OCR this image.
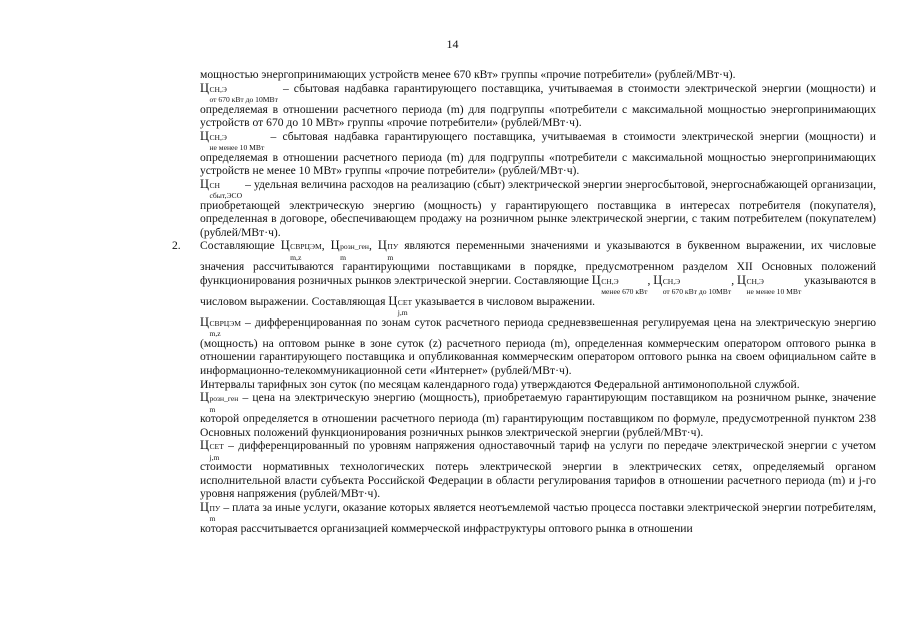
14

мощностью энергопринимающих устройств менее 670 кВт» группы «прочие потребители» (рублей/МВт·ч).

Ц СН,Э
от 670 кВт до 10МВт
– сбытовая надбавка гарантирующего поставщика, учитываемая в стоимости электрической энергии (мощности) и определяемая в отношении расчетного периода (m) для подгруппы «потребители с максимальной мощностью энергопринимающих устройств от 670 до 10 МВт» группы «прочие потребители» (рублей/МВт·ч).

Ц СН,Э
не менее 10 МВт
– сбытовая надбавка гарантирующего поставщика, учитываемая в стоимости электрической энергии (мощности) и определяемая в отношении расчетного периода (m) для подгруппы «потребители с максимальной мощностью энергопринимающих устройств не менее 10 МВт» группы «прочие потребители» (рублей/МВт·ч).

Ц СН
сбыт,ЭСО
– удельная величина расходов на реализацию (сбыт) электрической энергии энергосбытовой, энергоснабжающей организации, приобретающей электрическую энергию (мощность) у гарантирующего поставщика в интересах потребителя (покупателя), определенная в договоре, обеспечивающем продажу на розничном рынке электрической энергии, с таким потребителем (покупателем) (рублей/МВт·ч).

2. Составляющие Ц СВРЦЭМ
m,z
, Ц розн_ген
m
, Ц ПУ
m
являются переменными значениями и указываются в буквенном выражении, их числовые значения рассчитываются гарантирующими поставщиками в порядке, предусмотренном разделом XII Основных положений функционирования розничных рынков электрической энергии. Составляющие Ц СН,Э
менее 670 кВт
, Ц СН,Э
от 670 кВт до 10МВт
, Ц СН,Э
не менее 10 МВт
указываются в числовом выражении. Составляющая Ц СЕТ
j,m
указывается в числовом выражении.

Ц СВРЦЭМ
m,z
– дифференцированная по зонам суток расчетного периода средневзвешенная регулируемая цена на электрическую энергию (мощность) на оптовом рынке в зоне суток (z) расчетного периода (m), определенная коммерческим оператором оптового рынка в отношении гарантирующего поставщика и опубликованная коммерческим оператором оптового рынка на своем официальном сайте в информационно-телекоммуникационной сети «Интернет» (рублей/МВт·ч).

Интервалы тарифных зон суток (по месяцам календарного года) утверждаются Федеральной антимонопольной службой.

Ц розн_ген
m
– цена на электрическую энергию (мощность), приобретаемую гарантирующим поставщиком на розничном рынке, значение которой определяется в отношении расчетного периода (m) гарантирующим поставщиком по формуле, предусмотренной пунктом 238 Основных положений функционирования розничных рынков электрической энергии (рублей/МВт·ч).

Ц СЕТ
j,m
– дифференцированный по уровням напряжения одноставочный тариф на услуги по передаче электрической энергии с учетом стоимости нормативных технологических потерь электрической энергии в электрических сетях, определяемый органом исполнительной власти субъекта Российской Федерации в области регулирования тарифов в отношении расчетного периода (m) и j-го уровня напряжения (рублей/МВт·ч).

Ц ПУ
m
– плата за иные услуги, оказание которых является неотъемлемой частью процесса поставки электрической энергии потребителям, которая рассчитывается организацией коммерческой инфраструктуры оптового рынка в отношении
